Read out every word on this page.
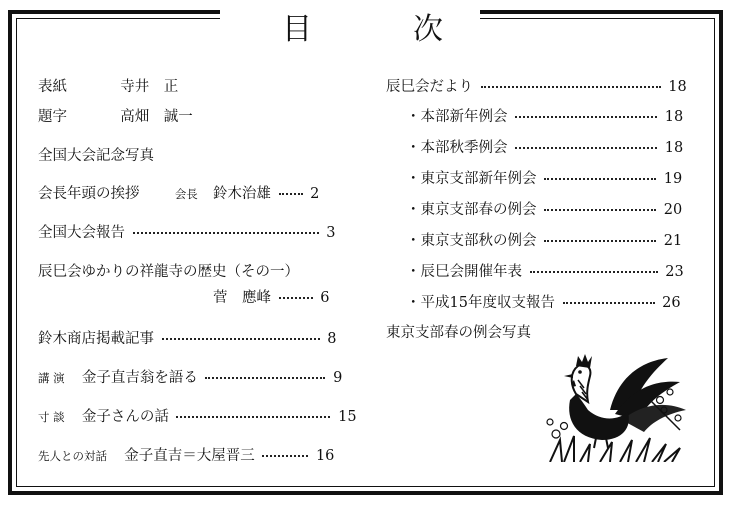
目	次
表紙	寺井　正
題字	高畑　誠一
全国大会記念写真
会長年頭の挨拶	会長 鈴木治雄	2
全国大会報告	3
辰巳会ゆかりの祥龍寺の歴史（その一）
菅　應峰	6
鈴木商店掲載記事	8
講 演 金子直吉翁を語る	9
寸 談 金子さんの話	15
先人との対話 金子直吉＝大屋晋三	16
辰巳会だより	18
・本部新年例会	18
・本部秋季例会	18
・東京支部新年例会	19
・東京支部春の例会	20
・東京支部秋の例会	21
・辰巳会開催年表	23
・平成15年度収支報告	26
東京支部春の例会写真
